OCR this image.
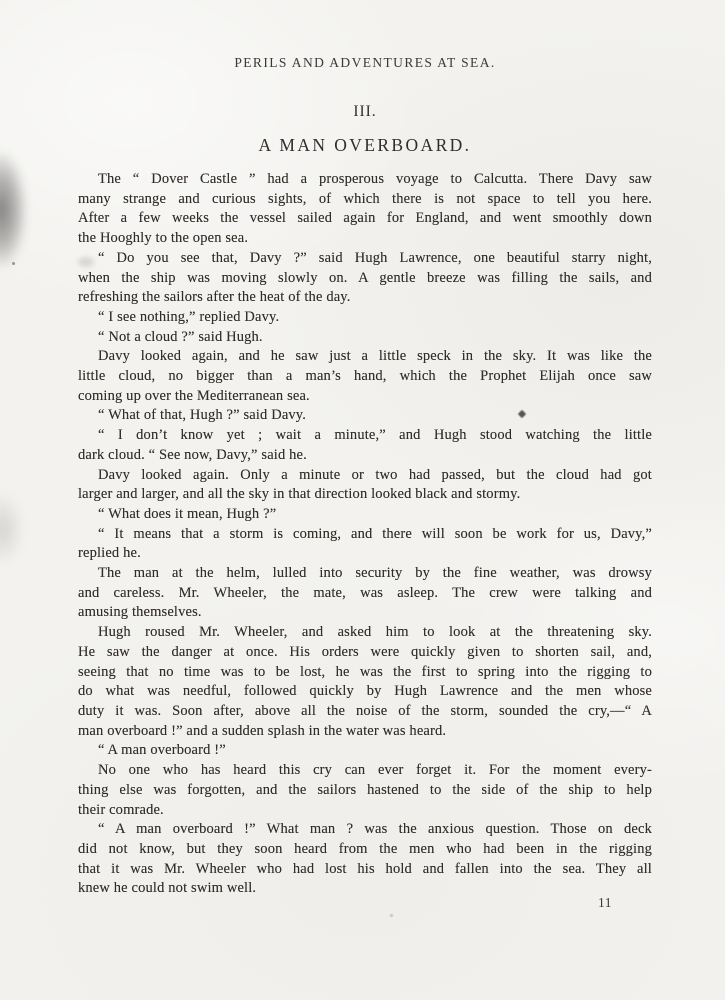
PERILS AND ADVENTURES AT SEA.
III.
A MAN OVERBOARD.
The “ Dover Castle ” had a prosperous voyage to Calcutta. There Davy saw
many strange and curious sights, of which there is not space to tell you here.
After a few weeks the vessel sailed again for England, and went smoothly down
the Hooghly to the open sea.
“ Do you see that, Davy ?” said Hugh Lawrence, one beautiful starry night,
when the ship was moving slowly on. A gentle breeze was filling the sails, and
refreshing the sailors after the heat of the day.
“ I see nothing,” replied Davy.
“ Not a cloud ?” said Hugh.
Davy looked again, and he saw just a little speck in the sky. It was like the
little cloud, no bigger than a man’s hand, which the Prophet Elijah once saw
coming up over the Mediterranean sea.
“ What of that, Hugh ?” said Davy.
“ I don’t know yet ; wait a minute,” and Hugh stood watching the little
dark cloud. “ See now, Davy,” said he.
Davy looked again. Only a minute or two had passed, but the cloud had got
larger and larger, and all the sky in that direction looked black and stormy.
“ What does it mean, Hugh ?”
“ It means that a storm is coming, and there will soon be work for us, Davy,”
replied he.
The man at the helm, lulled into security by the fine weather, was drowsy
and careless. Mr. Wheeler, the mate, was asleep. The crew were talking and
amusing themselves.
Hugh roused Mr. Wheeler, and asked him to look at the threatening sky.
He saw the danger at once. His orders were quickly given to shorten sail, and,
seeing that no time was to be lost, he was the first to spring into the rigging to
do what was needful, followed quickly by Hugh Lawrence and the men whose
duty it was. Soon after, above all the noise of the storm, sounded the cry,—“ A
man overboard !” and a sudden splash in the water was heard.
“ A man overboard !”
No one who has heard this cry can ever forget it. For the moment every-
thing else was forgotten, and the sailors hastened to the side of the ship to help
their comrade.
“ A man overboard !” What man ? was the anxious question. Those on deck
did not know, but they soon heard from the men who had been in the rigging
that it was Mr. Wheeler who had lost his hold and fallen into the sea. They all
knew he could not swim well.
11
